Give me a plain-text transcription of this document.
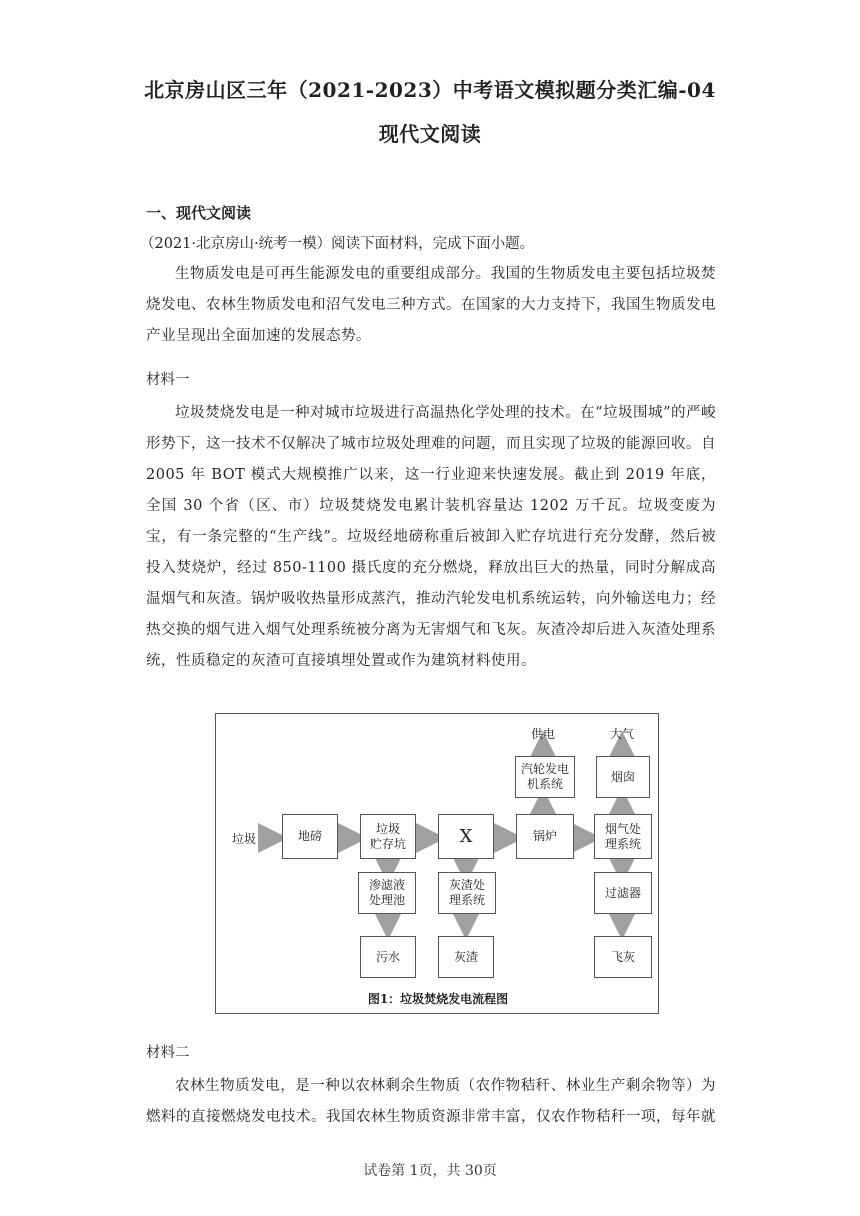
北京房山区三年（2021-2023）中考语文模拟题分类汇编-04
现代文阅读
一、现代文阅读
（2021·北京房山·统考一模）阅读下面材料，完成下面小题。

生物质发电是可再生能源发电的重要组成部分。我国的生物质发电主要包括垃圾焚烧发电、农林生物质发电和沼气发电三种方式。在国家的大力支持下，我国生物质发电产业呈现出全面加速的发展态势。

材料一

垃圾焚烧发电是一种对城市垃圾进行高温热化学处理的技术。在“垃圾围城”的严峻形势下，这一技术不仅解决了城市垃圾处理难的问题，而且实现了垃圾的能源回收。自 2005 年 BOT 模式大规模推广以来，这一行业迎来快速发展。截止到 2019 年底，全国 30 个省（区、市）垃圾焚烧发电累计装机容量达 1202 万千瓦。垃圾变废为宝，有一条完整的“生产线”。垃圾经地磅称重后被卸入贮存坑进行充分发酵，然后被投入焚烧炉，经过 850-1100 摄氏度的充分燃烧，释放出巨大的热量，同时分解成高温烟气和灰渣。锅炉吸收热量形成蒸汽，推动汽轮发电机系统运转，向外输送电力；经热交换的烟气进入烟气处理系统被分离为无害烟气和飞灰。灰渣冷却后进入灰渣处理系统，性质稳定的灰渣可直接填埋处置或作为建筑材料使用。

垃圾	地磅
垃圾
贮存坑	X	锅炉
汽轮发电
机系统
供电
烟囱
大气
烟气处
理系统
渗滤液
处理池
污水
灰渣处
理系统
灰渣
过滤器
飞灰
图1：垃圾焚烧发电流程图
材料二

农林生物质发电，是一种以农林剩余生物质（农作物秸秆、林业生产剩余物等）为燃料的直接燃烧发电技术。我国农林生物质资源非常丰富，仅农作物秸秆一项，每年就

试卷第 1页，共 30页
